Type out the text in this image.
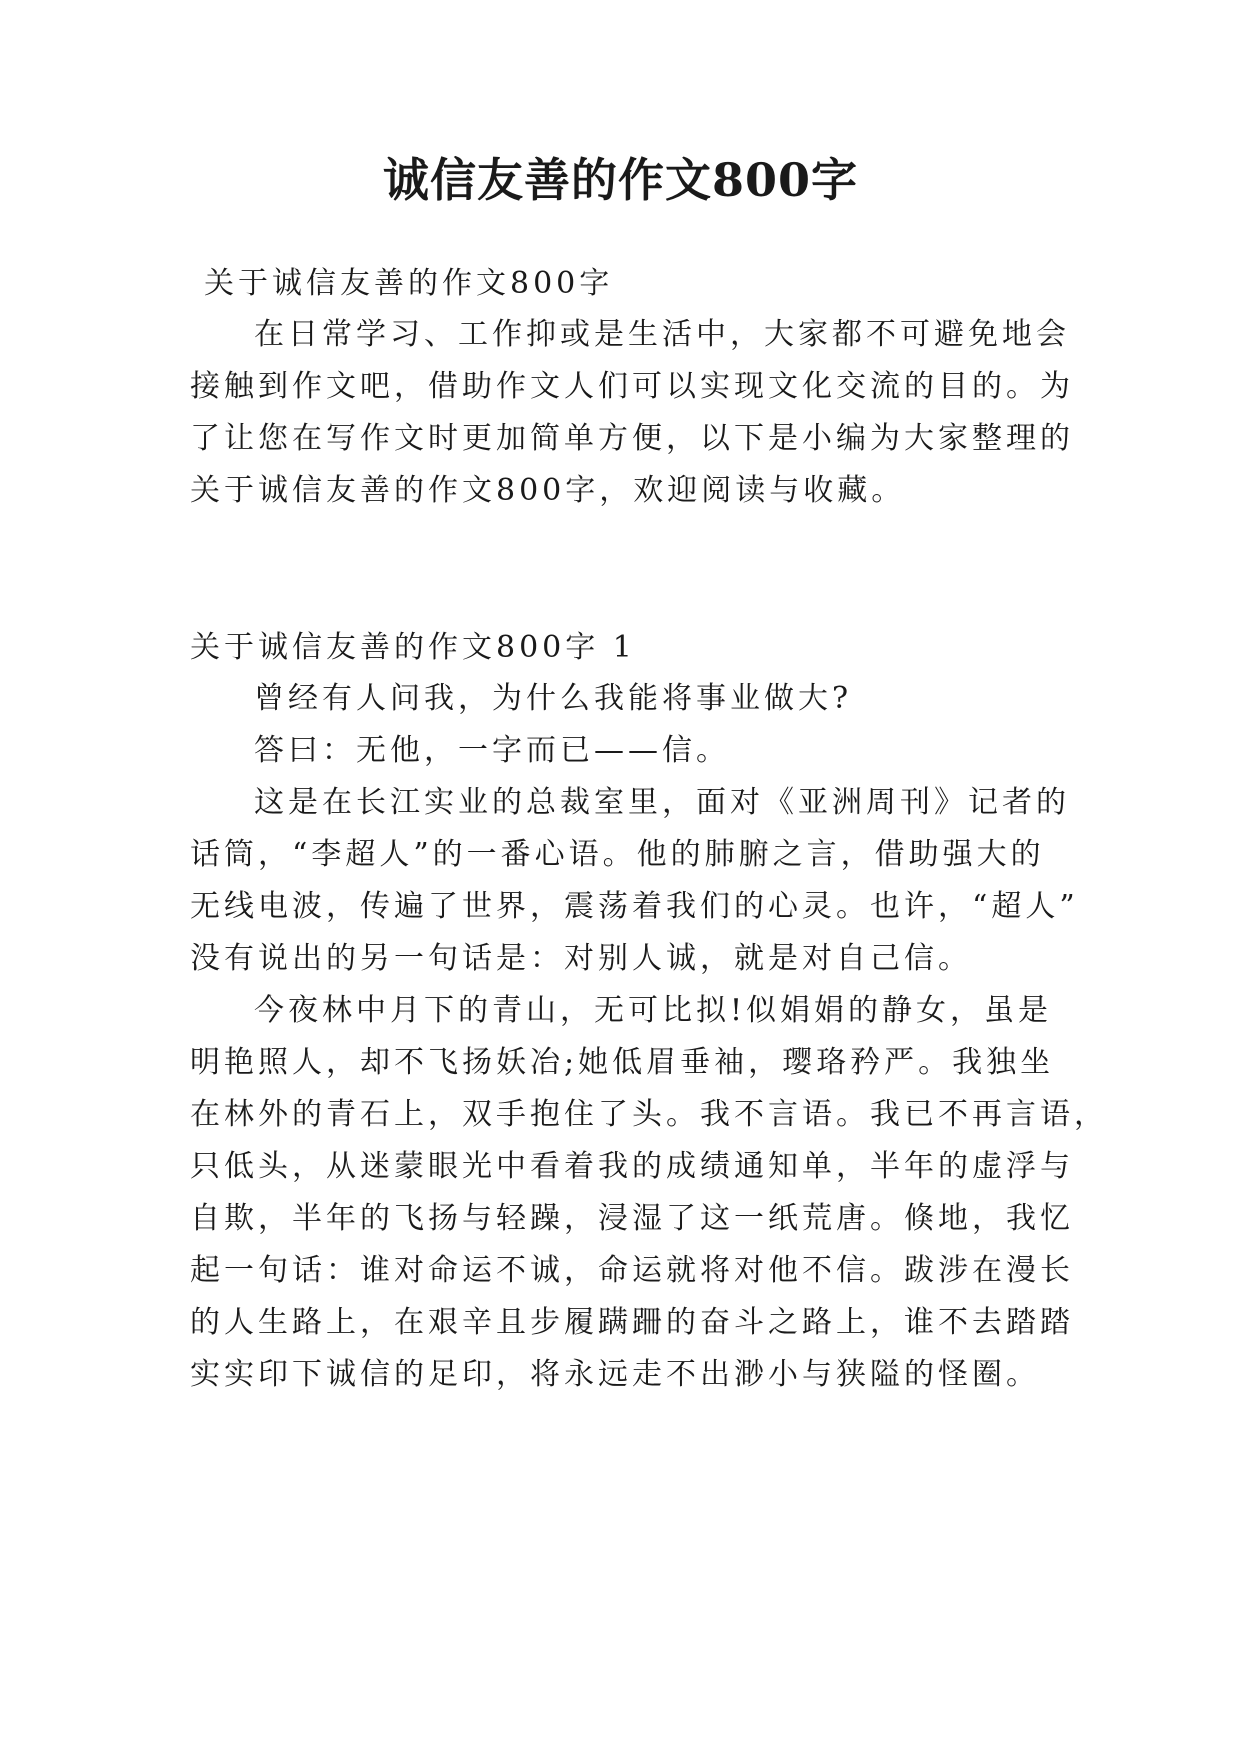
诚信友善的作文800字
关于诚信友善的作文800字
在日常学习、工作抑或是生活中，大家都不可避免地会
接触到作文吧，借助作文人们可以实现文化交流的目的。为
了让您在写作文时更加简单方便，以下是小编为大家整理的
关于诚信友善的作文800字，欢迎阅读与收藏。
关于诚信友善的作文800字 1
曾经有人问我，为什么我能将事业做大?
答曰：无他，一字而已——信。
这是在长江实业的总裁室里，面对《亚洲周刊》记者的
话筒，“李超人”的一番心语。他的肺腑之言，借助强大的
无线电波，传遍了世界，震荡着我们的心灵。也许，“超人”
没有说出的另一句话是：对别人诚，就是对自己信。
今夜林中月下的青山，无可比拟!似娟娟的静女，虽是
明艳照人，却不飞扬妖冶;她低眉垂袖，璎珞矜严。我独坐
在林外的青石上，双手抱住了头。我不言语。我已不再言语，
只低头，从迷蒙眼光中看着我的成绩通知单，半年的虚浮与
自欺，半年的飞扬与轻躁，浸湿了这一纸荒唐。倏地，我忆
起一句话：谁对命运不诚，命运就将对他不信。跋涉在漫长
的人生路上，在艰辛且步履蹒跚的奋斗之路上，谁不去踏踏
实实印下诚信的足印，将永远走不出渺小与狭隘的怪圈。
